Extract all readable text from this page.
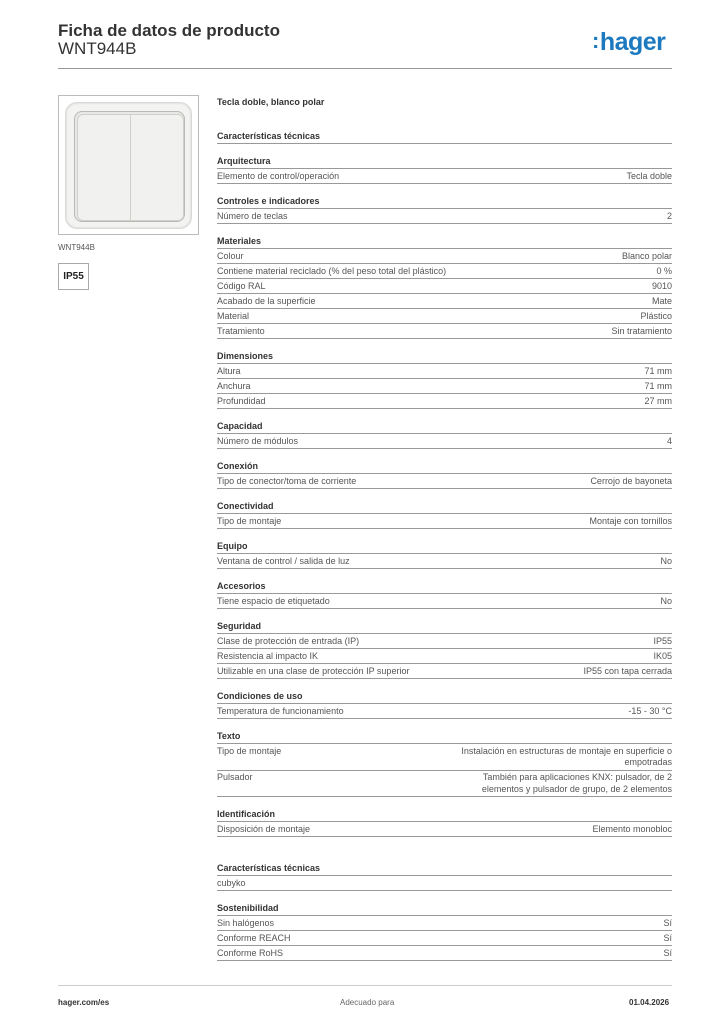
Ficha de datos de producto
WNT944B	:hager
WNT944B
IP55
Tecla doble, blanco polar
Características técnicas
Arquitectura
Elemento de control/operación	Tecla doble
Controles e indicadores
Número de teclas	2
Materiales
Colour	Blanco polar
Contiene material reciclado (% del peso total del plástico)	0 %
Código RAL	9010
Acabado de la superficie	Mate
Material	Plástico
Tratamiento	Sin tratamiento
Dimensiones
Altura	71 mm
Anchura	71 mm
Profundidad	27 mm
Capacidad
Número de módulos	4
Conexión
Tipo de conector/toma de corriente	Cerrojo de bayoneta
Conectividad
Tipo de montaje	Montaje con tornillos
Equipo
Ventana de control / salida de luz	No
Accesorios
Tiene espacio de etiquetado	No
Seguridad
Clase de protección de entrada (IP)	IP55
Resistencia al impacto IK	IK05
Utilizable en una clase de protección IP superior	IP55 con tapa cerrada
Condiciones de uso
Temperatura de funcionamiento	-15 - 30 °C
Texto
Tipo de montaje	Instalación en estructuras de montaje en superficie o empotradas
Pulsador	También para aplicaciones KNX: pulsador, de 2 elementos y pulsador de grupo, de 2 elementos
Identificación
Disposición de montaje	Elemento monobloc
Características técnicas
cubyko
Sostenibilidad
Sin halógenos	Sí
Conforme REACH	Sí
Conforme RoHS	Sí
hager.com/es	Adecuado para	01.04.2026
